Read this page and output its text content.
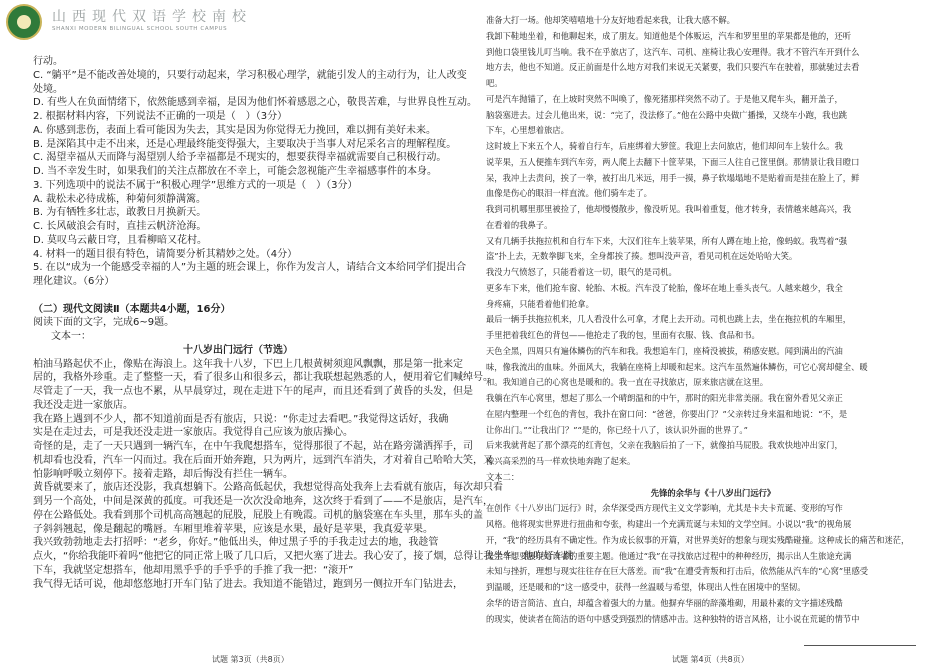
山西现代双语学校南校
SHANXI MODERN BILINGUAL SCHOOL SOUTH CAMPUS
行动。
C. “躺平”是不能改善处境的，只要行动起来，学习积极心理学，就能引发人的主动行为，让人改变
处境。
D. 有些人在负面情绪下，依然能感到幸福，是因为他们怀着感恩之心，敬畏苦难，与世界良性互动。
2. 根据材料内容，下列说法不正确的一项是（　）（3分）
A. 你感到悲伤，表面上看可能因为失去，其实是因为你觉得无力挽回，难以拥有美好未来。
B. 是深陷其中走不出来，还是心理最终能变得强大，主要取决于当事人对尼采名言的理解程度。
C. 渴望幸福从天而降与渴望别人给予幸福都是不现实的，想要获得幸福就需要自己积极行动。
D. 当不幸发生时，如果我们的关注点都放在不幸上，可能会忽视能产生幸福感事件的本身。
3. 下列选项中的说法不属于“积极心理学”思维方式的一项是（　）（3分）
A. 裁松未必待成栋，种菊何须静满篱。
B. 为有牺牲多壮志，敢教日月换新天。
C. 长风破浪会有时，直挂云帆济沧海。
D. 莫叹乌云蔽日穹，且看柳暗又花村。
4. 材料一的题目很有特色，请简要分析其精妙之处。（4分）
5. 在以“成为一个能感受幸福的人”为主题的班会课上，你作为发言人，请结合文本给同学们提出合
理化建议。（6分）
（二）现代文阅读Ⅱ（本题共4小题，16分）
阅读下面的文字，完成6~9题。
文本一：
十八岁出门远行（节选）
柏油马路起伏不止，像贴在海浪上。这年我十八岁，下巴上几根黄树须迎风飘飘，那是第一批来定
居的，我格外珍重。走了整整一天，看了很多山和很多云，都让我联想起熟悉的人，便用着它们喊绰号。
尽管走了一天，我一点也不累，从早晨穿过，现在走进下午的尾声，而且还看到了黄昏的头发，但是
我还没走进一家旅店。
我在路上遇到不少人，都不知道前面是否有旅店，只说：“你走过去看吧。”我觉得这话好，我确
实是在走过去，可是我还没走进一家旅店。我觉得自己应该为旅店操心。
奇怪的是，走了一天只遇到一辆汽车，在中午我爬想搭车，觉得那很了不起，站在路旁潇洒挥手，司
机却看也没看，汽车一闪而过。我在后面开始奔跑，只为两片，远到汽车消失，才对着自己哈哈大笑，又
怕影响呼吸立刻停下。接着走路，却后悔没有拦住一辆车。
黄昏就要来了，旅店还没影，我真想躺下。公路高低起伏，我想觉得高处我奔上去看就有旅店，每次却只看
到另一个高处，中间是深黄的孤度。可我还是一次次没命地奔，这次终于看到了——不是旅店，是汽车，
停在公路低处。我看到那个司机高高翘起的屁股，屁股上有晚霞。司机的脑袋塞在车头里，那车头的盖
子斜斜翘起，像是翻起的嘴唇。车厢里堆着苹果，应该是水果，最好是苹果，我真爱苹果。
我兴致勃勃地走去打招呼：“老乡，你好。”他低出头，伸过黑子乎的手我走过去的地，我趁管
点火，“你给我能吓着吗”他把它的同正常上吸了几口后，又把火塞了进去。我心安了，接了烟，总得让我坐车。他咋好车跳
下车，我就坚定想搭车，他却用黑乎乎的手乎乎的手推了我一把：“滚开”
我气得无话可说，他却悠悠地打开车门钻了进去。我知道不能错过，跑到另一侧拉开车门钻进去，
准备大打一场。他却笑嘻嘻地十分友好地看起来我，让我大感不解。
我卸下鞋地坐着，和他聊起来，成了朋友。知道他是个体贩运，汽车和罗里里的苹果都是他的，还听
到他口袋里钱儿叮当响。我不在乎旅店了，这汽车、司机、座椅让我心安理得。我才不管汽车开到什么
地方去，他也不知道。反正前面是什么地方对我们来说无关紧要，我们只要汽车在驶着，那就驰过去看
吧。
可是汽车抛锚了，在上坡时突然不叫唤了，像死猪那样突然不动了。于是他又爬车头，翻开盖子，
脑袋塞进去。过会儿他出来，说：“完了，没法修了。”他在公路中央做广播操，又绕车小跑，我也跳
下车，心里想着旅店。
这时坡上下来五个人，骑着自行车，后座绑着大箩筐。我迎上去问旅店，他们却问车上装什么。我
说苹果，五人便推车到汽车旁，两人爬上去翻下十筐苹果，下面三人往自己筐里倒。那情景让我目瞪口
呆，我冲上去责问，挨了一拳，被打出几米远，用手一摸，鼻子软塌塌地不是贴着而是挂在脸上了，鲜
血像是伤心的眼泪一样直流。他们骑车走了。
我到司机哪里那里被捡了，他却慢慢散步，像没听见。我叫着重复，他才转身，表情越来越高兴，我
在看着的我鼻子。
又有几辆手扶拖拉机和自行车下来，大汉们往车上装苹果，所有人蹲在地上抢，像蚂蚁。我骂着“强
盗”扑上去，无数拳脚飞来，全身都挨了揍。想叫没声音，看见司机在远处哈哈大笑。
我没力气愤怒了，只能看着这一切，眼气的是司机。
更多车下来，他们抢车窗、轮胎、木板。汽车没了轮胎，像坏在地上垂头丧气。人越来越少，我全
身疼痛，只能看着他们抢拿。
最后一辆手扶拖拉机来，几人看没什么可拿，才爬上去开动。司机也跳上去，坐在拖拉机的车厢里，
手里把着我红色的背包——他抢走了我的包，里面有衣服、钱、食品和书。
天色全黑，四周只有遍体鳞伤的汽车和我。我想追车门，座椅没被拔，稍感安慰。闻到满出的汽油
味，像我流出的血味。外面风大，我躺在座椅上却暖和起来。这汽车虽然遍体鳞伤，可它心窝却健全、暖
和。我知道自己的心窝也是暖和的。我一直在寻找旅店，原来旅店就在这里。
我躺在汽车心窝里，想起了那么一个晴朗温和的中午，那时的阳光非常美丽。我在窗外看见父亲正
在屋内整理一个红色的背包，我扑在窗口问：“爸爸，你要出门？”父亲转过身来温和地说：“不，是
让你出门。”“让我出门？”“是的，你已经十八了，该认识外面的世界了。”
后来我就背起了那个漂亮的红背包，父亲在我脑后拍了一下，就像拍马屁股。我欢快地冲出家门，
像兴高采烈的马一样欢快地奔跑了起来。
文本二：
先锋的余华与《十八岁出门远行》
在创作《十八岁出门远行》时，余华深受西方现代主义文学影响，尤其是卡夫卡荒诞、变形的写作
风格。他将现实世界进行扭曲和夸张，构建出一个充满荒诞与未知的文学空间。小说以“我”的视角展
开，“我”的经历具有不确定性。作为成长叙事的开篇，对世界美好的想象与现实残酷碰撞。这种成长的痛苦和迷茫，
是余华想要展现给读者的重要主题。他通过“我”在寻找旅店过程中的种种经历，揭示出人生旅途充满
未知与挫折，理想与现实往往存在巨大落差。而“我”在遭受背叛和打击后，依然能从汽车的“心窝”里感受
到温暖，还是暖和的”这一感受中，获得一丝温暖与希望，体现出人性在困境中的坚韧。
余华的语言简洁、直白，却蕴含着强大的力量。他摒弃华丽的辞藻堆砌，用最朴素的文字描述残酷
的现实，使读者在简洁的语句中感受到强烈的情感冲击。这种独特的语言风格，让小说在荒诞的情节中
试题 第3页（共8页）	试题 第4页（共8页）
